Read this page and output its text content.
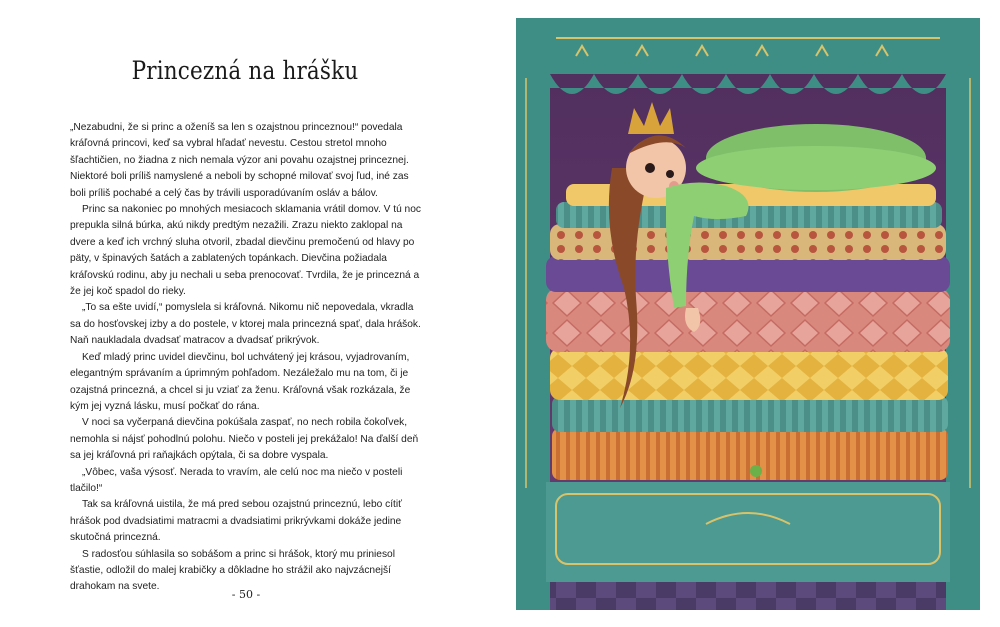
Princezná na hrášku

„Nezabudni, že si princ a oženíš sa len s ozajstnou princeznou!“ povedala kráľovná princovi, keď sa vybral hľadať nevestu. Cestou stretol mnoho šľachtičien, no žiadna z nich nemala výzor ani povahu ozajstnej princeznej. Niektoré boli príliš namyslené a neboli by schopné milovať svoj ľud, iné zas boli príliš pochabé a celý čas by trávili usporadúvaním osláv a bálov.

Princ sa nakoniec po mnohých mesiacoch sklamania vrátil domov. V tú noc prepukla silná búrka, akú nikdy predtým nezažili. Zrazu niekto zaklopal na dvere a keď ich vrchný sluha otvoril, zbadal dievčinu premočenú od hlavy po päty, v špinavých šatách a zablatených topánkach. Dievčina požiadala kráľovskú rodinu, aby ju nechali u seba prenocovať. Tvrdila, že je princezná a že jej koč spadol do rieky.

„To sa ešte uvidí,“ pomyslela si kráľovná. Nikomu nič nepovedala, vkradla sa do hosťovskej izby a do postele, v ktorej mala princezná spať, dala hrášok. Naň naukladala dvadsať matracov a dvadsať prikrývok.

Keď mladý princ uvidel dievčinu, bol uchvátený jej krásou, vyjadrovaním, elegantným správaním a úprimným pohľadom. Nezáležalo mu na tom, či je ozajstná princezná, a chcel si ju vziať za ženu. Kráľovná však rozkázala, že kým jej vyzná lásku, musí počkať do rána.

V noci sa vyčerpaná dievčina pokúšala zaspať, no nech robila čokoľvek, nemohla si nájsť pohodlnú polohu. Niečo v posteli jej prekážalo! Na ďalší deň sa jej kráľovná pri raňajkách opýtala, či sa dobre vyspala.

„Vôbec, vaša výsosť. Nerada to vravím, ale celú noc ma niečo v posteli tlačilo!“

Tak sa kráľovná uistila, že má pred sebou ozajstnú princeznú, lebo cítiť hrášok pod dvadsiatimi matracmi a dvadsiatimi prikrývkami dokáže jedine skutočná princezná.

S radosťou súhlasila so sobášom a princ si hrášok, ktorý mu priniesol šťastie, odložil do malej krabičky a dôkladne ho strážil ako najvzácnejší drahokam na svete.

- 50 -
